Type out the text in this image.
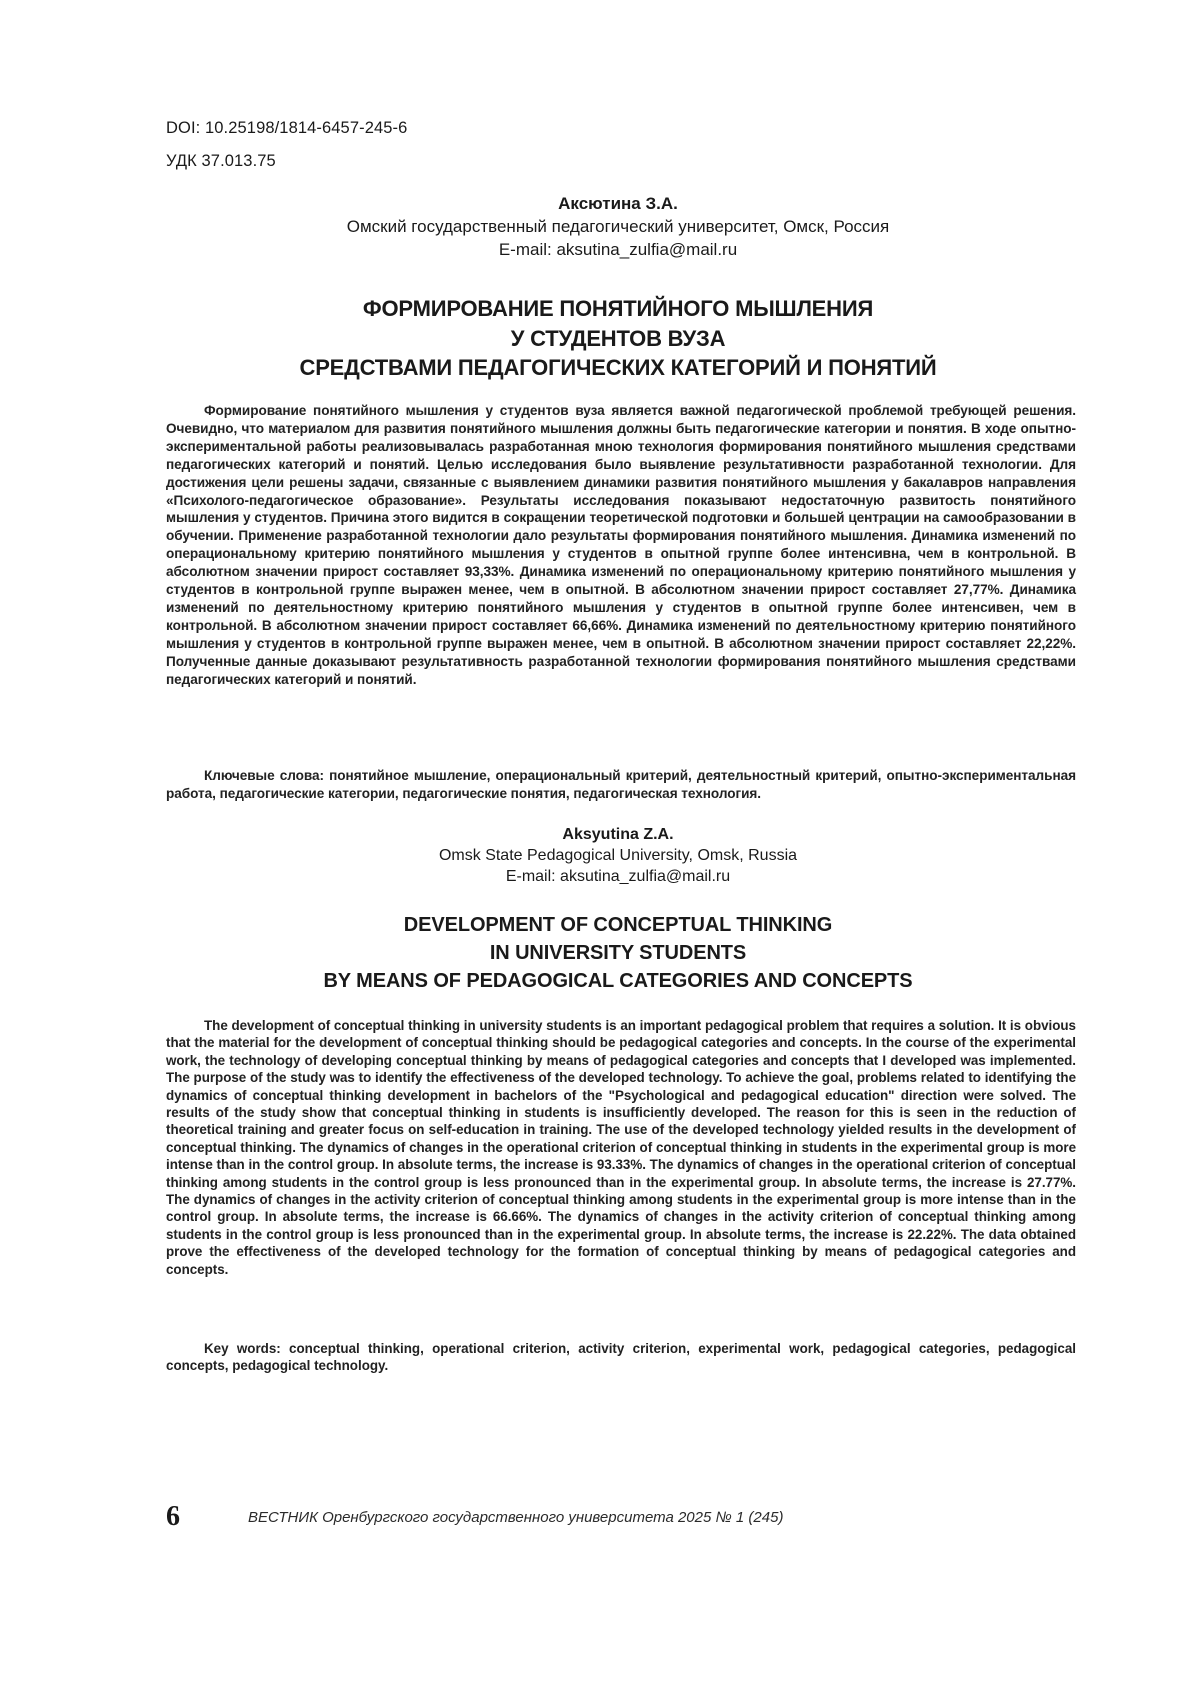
DOI: 10.25198/1814-6457-245-6
УДК 37.013.75
Аксютина З.А.
Омский государственный педагогический университет, Омск, Россия
E-mail: aksutina_zulfia@mail.ru
ФОРМИРОВАНИЕ ПОНЯТИЙНОГО МЫШЛЕНИЯ
У СТУДЕНТОВ ВУЗА
СРЕДСТВАМИ ПЕДАГОГИЧЕСКИХ КАТЕГОРИЙ И ПОНЯТИЙ

Формирование понятийного мышления у студентов вуза является важной педагогической проблемой требующей решения. Очевидно, что материалом для развития понятийного мышления должны быть педагогические категории и понятия. В ходе опытно-экспериментальной работы реализовывалась разработанная мною технология формирования понятийного мышления средствами педагогических категорий и понятий. Целью исследования было выявление результативности разработанной технологии. Для достижения цели решены задачи, связанные с выявлением динамики развития понятийного мышления у бакалавров направления «Психолого-педагогическое образование». Результаты исследования показывают недостаточную развитость понятийного мышления у студентов. Причина этого видится в сокращении теоретической подготовки и большей центрации на самообразовании в обучении. Применение разработанной технологии дало результаты формирования понятийного мышления. Динамика изменений по операциональному критерию понятийного мышления у студентов в опытной группе более интенсивна, чем в контрольной. В абсолютном значении прирост составляет 93,33%. Динамика изменений по операциональному критерию понятийного мышления у студентов в контрольной группе выражен менее, чем в опытной. В абсолютном значении прирост составляет 27,77%. Динамика изменений по деятельностному критерию понятийного мышления у студентов в опытной группе более интенсивен, чем в контрольной. В абсолютном значении прирост составляет 66,66%. Динамика изменений по деятельностному критерию понятийного мышления у студентов в контрольной группе выражен менее, чем в опытной. В абсолютном значении прирост составляет 22,22%. Полученные данные доказывают результативность разработанной технологии формирования понятийного мышления средствами педагогических категорий и понятий.

Ключевые слова: понятийное мышление, операциональный критерий, деятельностный критерий, опытно-экспериментальная работа, педагогические категории, педагогические понятия, педагогическая технология.

Aksyutina Z.A.
Omsk State Pedagogical University, Omsk, Russia
E-mail: aksutina_zulfia@mail.ru
DEVELOPMENT OF CONCEPTUAL THINKING
IN UNIVERSITY STUDENTS
BY MEANS OF PEDAGOGICAL CATEGORIES AND CONCEPTS

The development of conceptual thinking in university students is an important pedagogical problem that requires a solution. It is obvious that the material for the development of conceptual thinking should be pedagogical categories and concepts. In the course of the experimental work, the technology of developing conceptual thinking by means of pedagogical categories and concepts that I developed was implemented. The purpose of the study was to identify the effectiveness of the developed technology. To achieve the goal, problems related to identifying the dynamics of conceptual thinking development in bachelors of the "Psychological and pedagogical education" direction were solved. The results of the study show that conceptual thinking in students is insufficiently developed. The reason for this is seen in the reduction of theoretical training and greater focus on self-education in training. The use of the developed technology yielded results in the development of conceptual thinking. The dynamics of changes in the operational criterion of conceptual thinking in students in the experimental group is more intense than in the control group. In absolute terms, the increase is 93.33%. The dynamics of changes in the operational criterion of conceptual thinking among students in the control group is less pronounced than in the experimental group. In absolute terms, the increase is 27.77%. The dynamics of changes in the activity criterion of conceptual thinking among students in the experimental group is more intense than in the control group. In absolute terms, the increase is 66.66%. The dynamics of changes in the activity criterion of conceptual thinking among students in the control group is less pronounced than in the experimental group. In absolute terms, the increase is 22.22%. The data obtained prove the effectiveness of the developed technology for the formation of conceptual thinking by means of pedagogical categories and concepts.

Key words: conceptual thinking, operational criterion, activity criterion, experimental work, pedagogical categories, pedagogical concepts, pedagogical technology.

6	ВЕСТНИК Оренбургского государственного университета 2025 № 1 (245)
